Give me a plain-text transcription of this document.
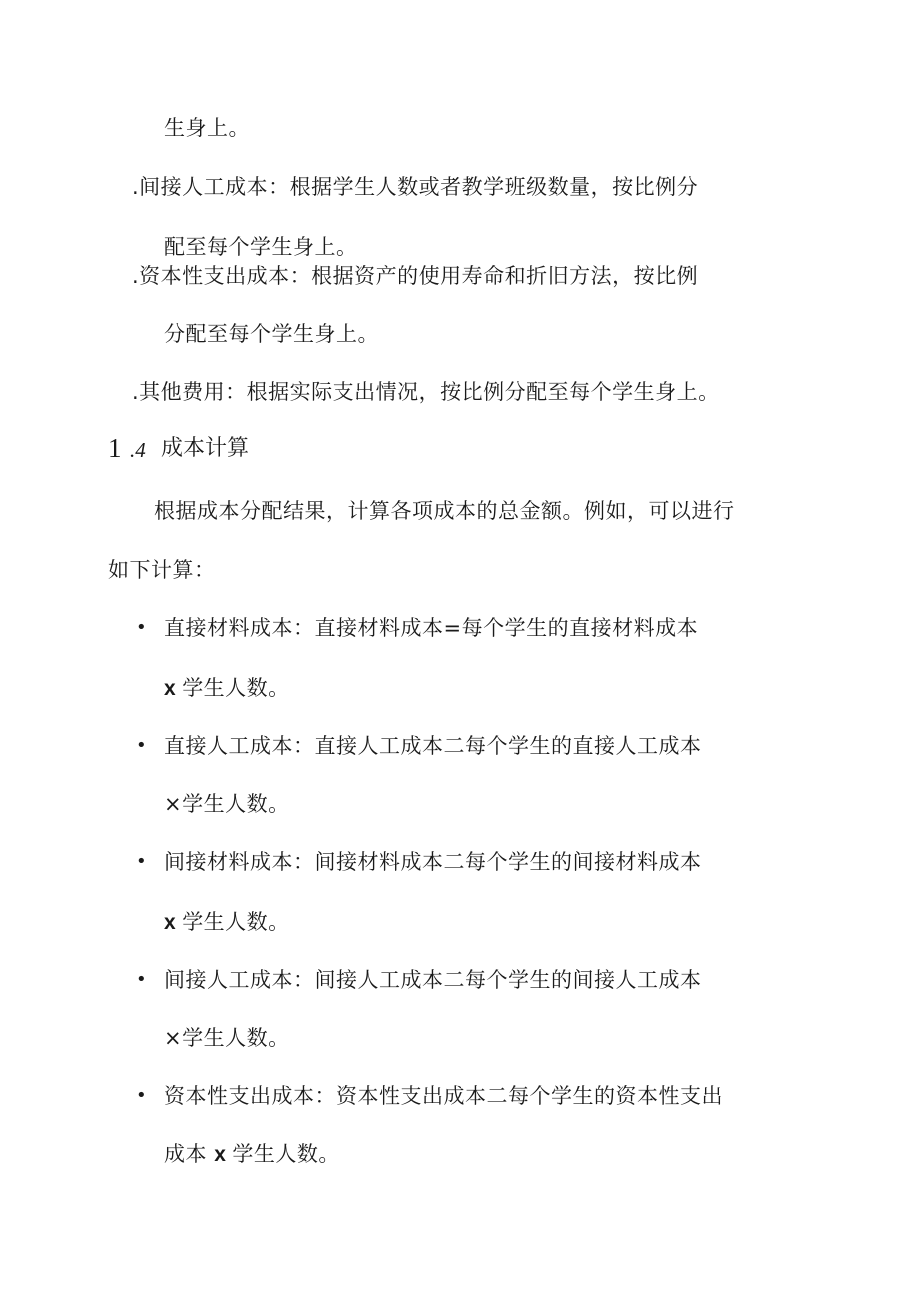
生身上。
.间接人工成本：根据学生人数或者教学班级数量，按比例分
配至每个学生身上。
.资本性支出成本：根据资产的使用寿命和折旧方法，按比例
分配至每个学生身上。
.其他费用：根据实际支出情况，按比例分配至每个学生身上。
1 .4 成本计算
根据成本分配结果，计算各项成本的总金额。例如，可以进行
如下计算：
• 直接材料成本：直接材料成本=每个学生的直接材料成本
x 学生人数。
• 直接人工成本：直接人工成本二每个学生的直接人工成本
×学生人数。
• 间接材料成本：间接材料成本二每个学生的间接材料成本
x 学生人数。
• 间接人工成本：间接人工成本二每个学生的间接人工成本
×学生人数。
• 资本性支出成本：资本性支出成本二每个学生的资本性支出
成本 x 学生人数。
